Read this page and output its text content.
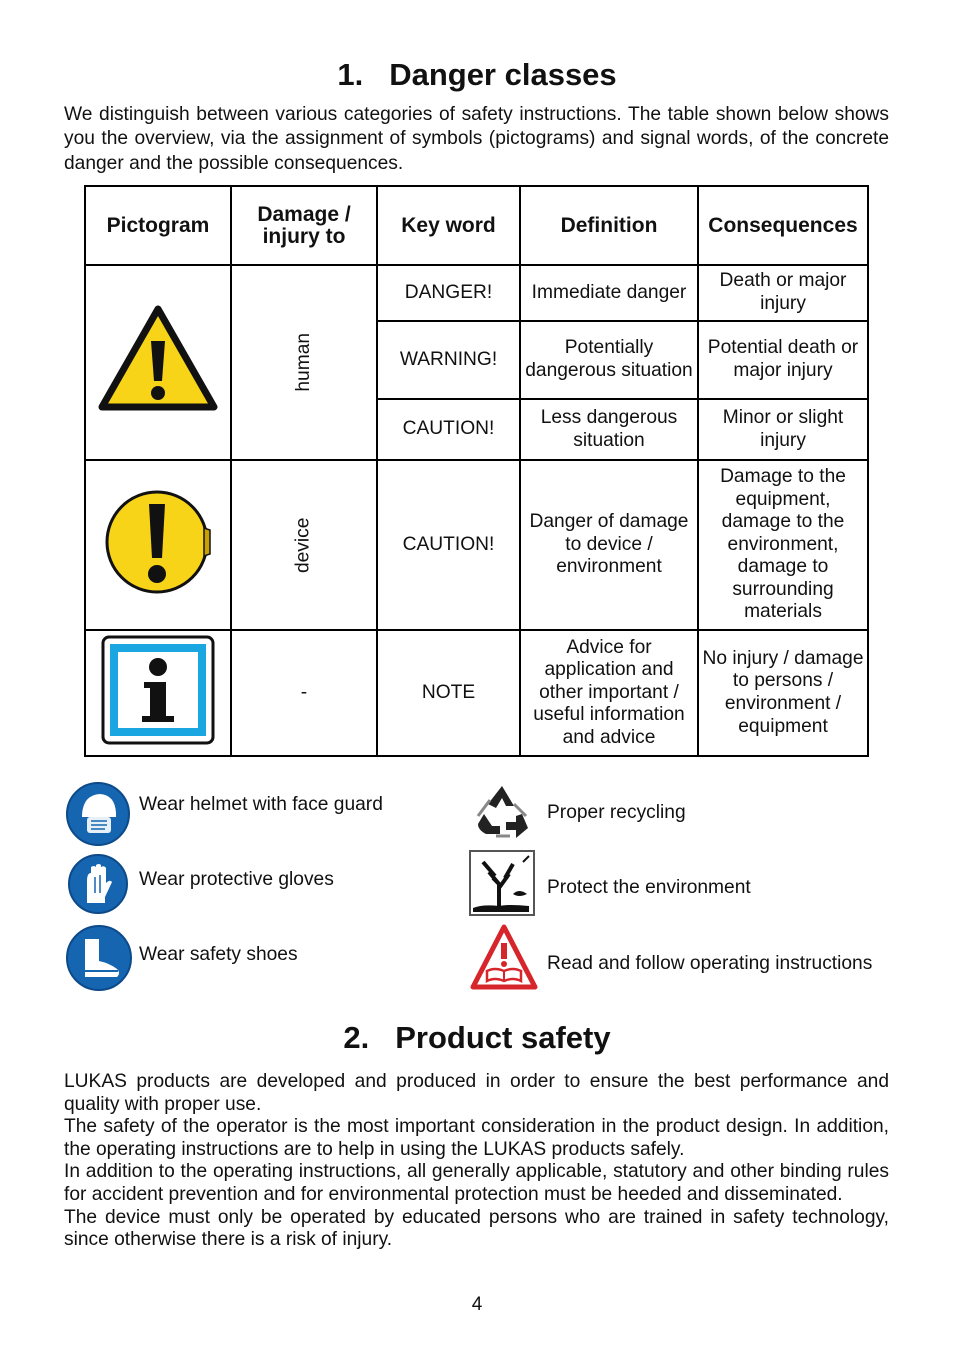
1. Danger classes

We distinguish between various categories of safety instructions. The table shown below shows you the overview, via the assignment of symbols (pictograms) and signal words, of the concrete danger and the possible consequences.

Pictogram	Damage / injury to	Key word	Definition	Consequences
	human	DANGER!	Immediate danger	Death or major injury
		WARNING!	Potentially dangerous situation	Potential death or major injury
		CAUTION!	Less dangerous situation	Minor or slight injury
	device	CAUTION!	Danger of damage to device / environment	Damage to the equipment, damage to the environment, damage to surrounding materials
	-	NOTE	Advice for application and other important / useful information and advice	No injury / damage to persons / environment / equipment
Wear helmet with face guard
Wear protective gloves
Wear safety shoes
Proper recycling
Protect the environment
Read and follow operating instructions
2. Product safety

LUKAS products are developed and produced in order to ensure the best performance and quality with proper use.

The safety of the operator is the most important consideration in the product design. In addition, the operating instructions are to help in using the LUKAS products safely.

In addition to the operating instructions, all generally applicable, statutory and other binding rules for accident prevention and for environmental protection must be heeded and disseminated.

The device must only be operated by educated persons who are trained in safety technology, since otherwise there is a risk of injury.

4
